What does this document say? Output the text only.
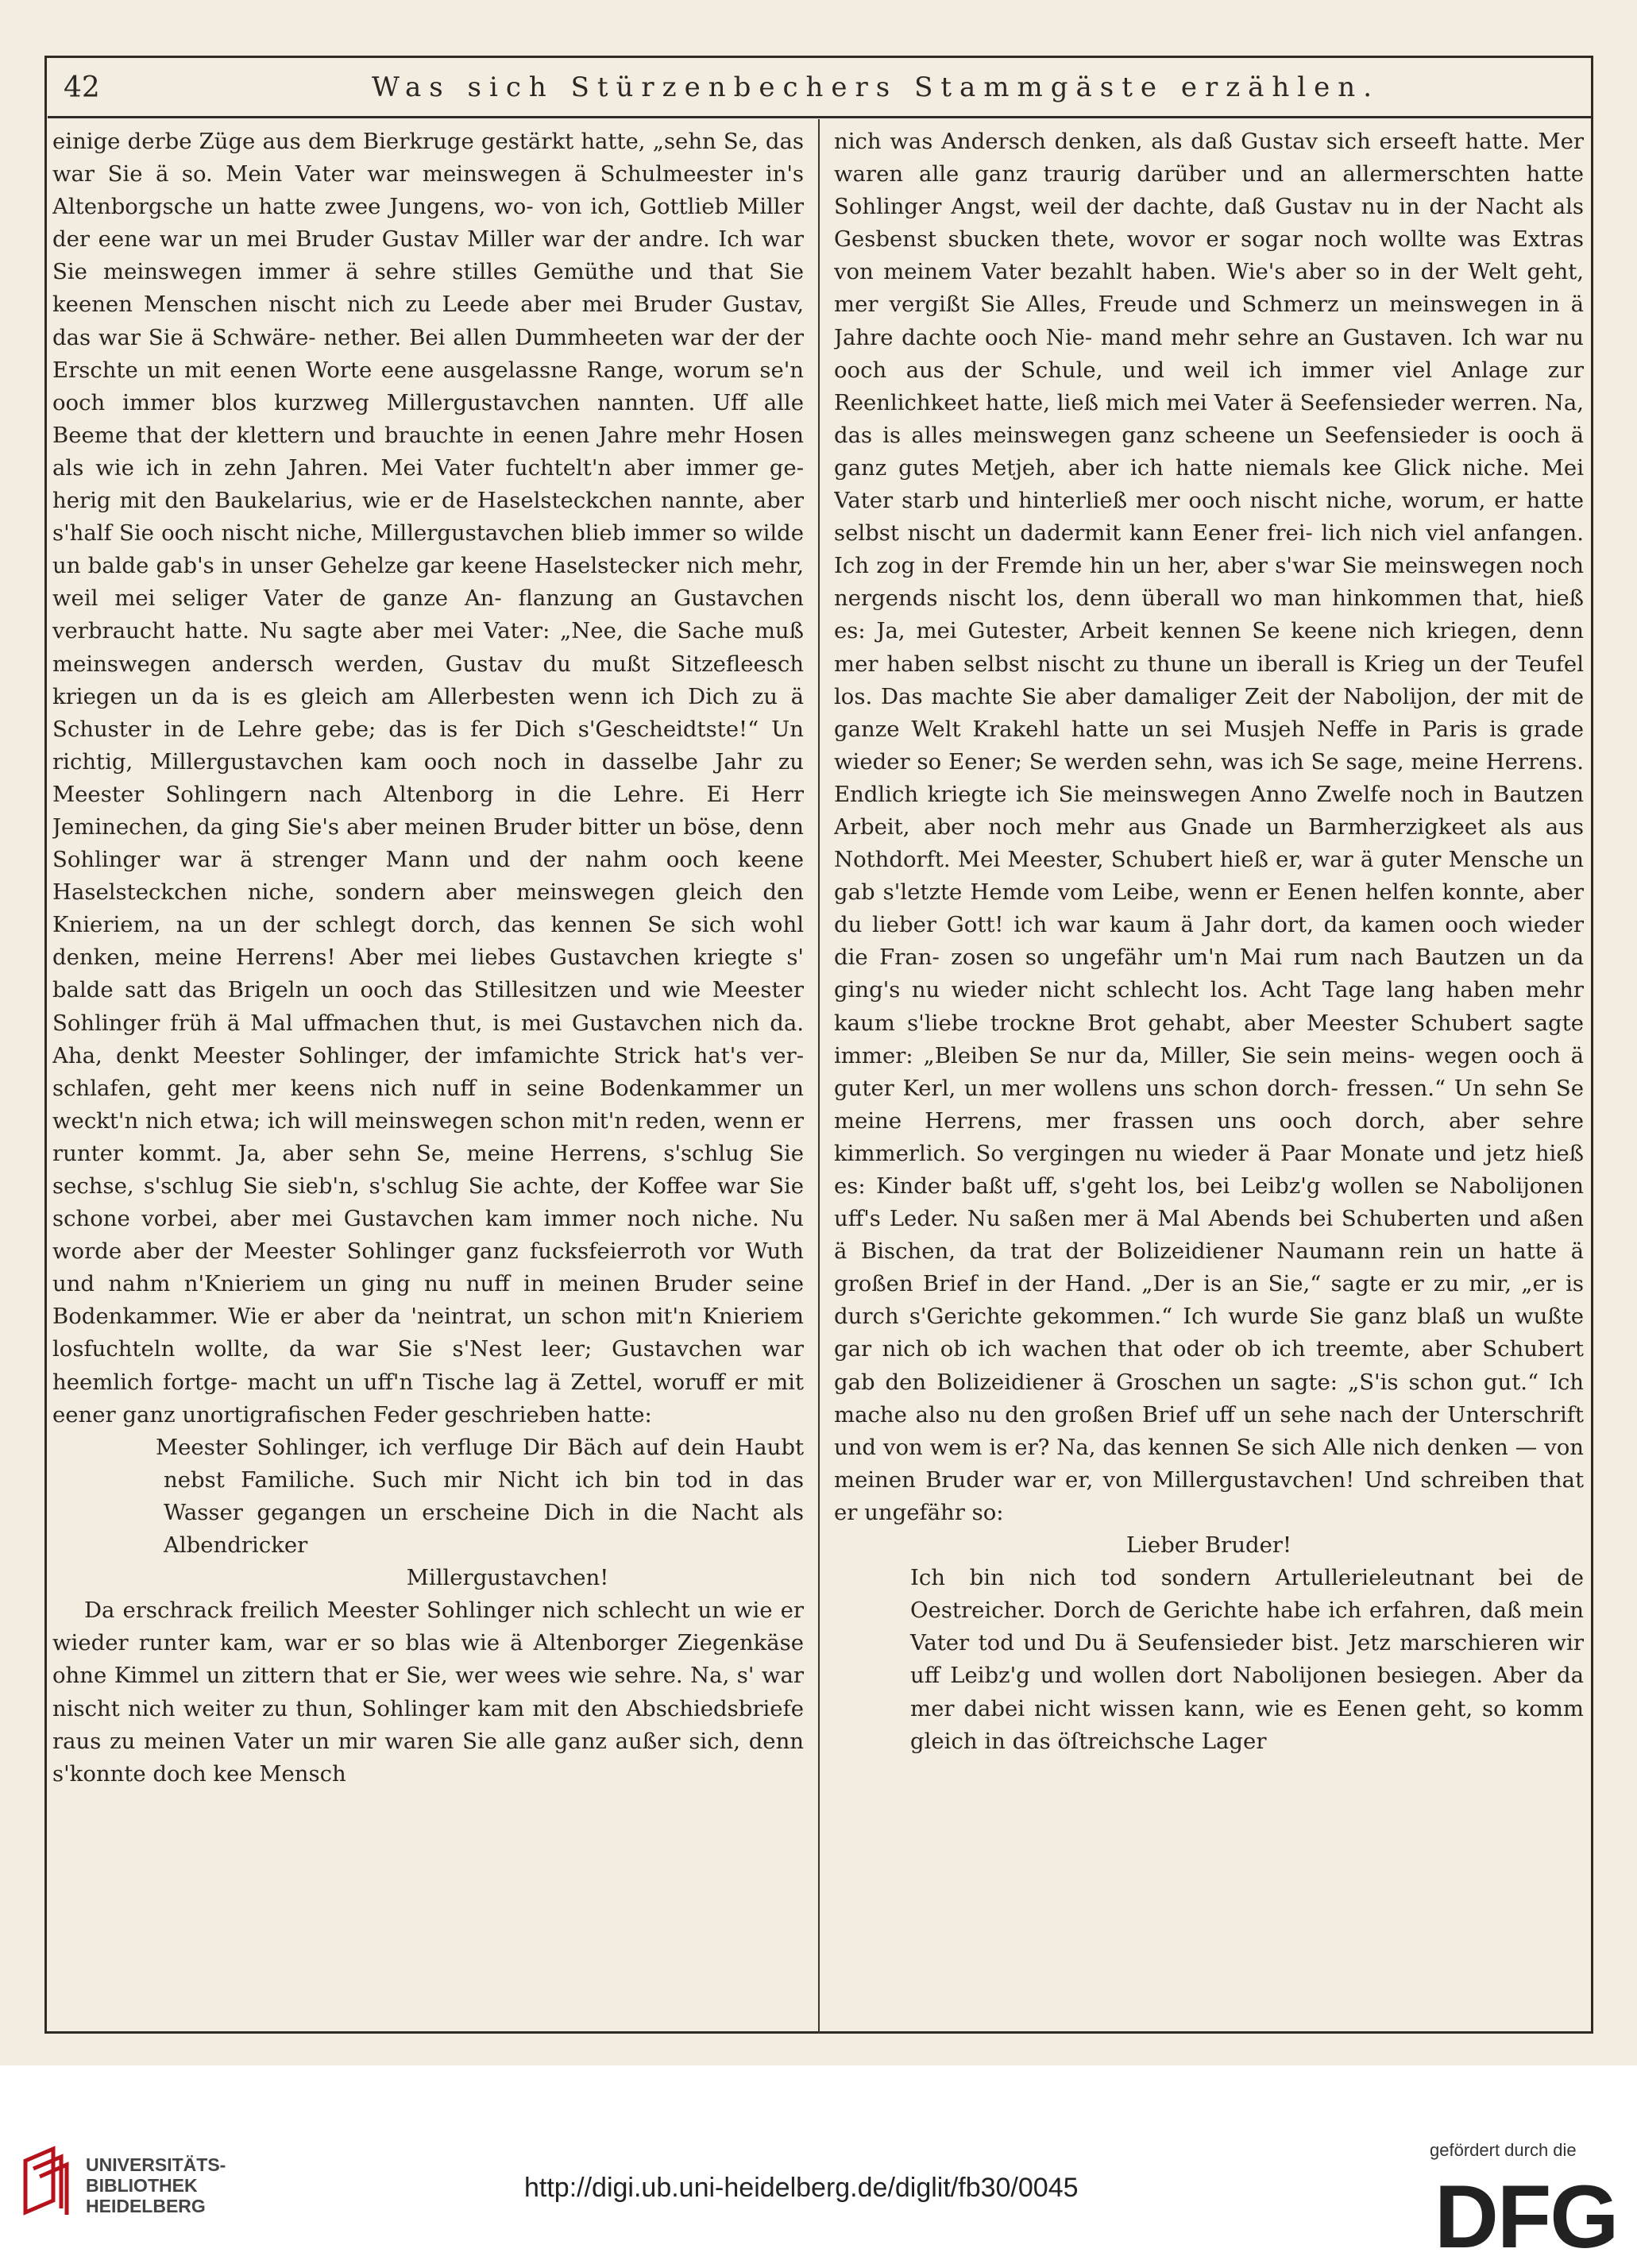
42	Was sich Stürzenbechers Stammgäste erzählen.

einige derbe Züge aus dem Bierkruge gestärkt hatte, „sehn Se, das war Sie ä so. Mein Vater war meinswegen ä Schulmeester in's Altenborgsche un hatte zwee Jungens, wo- von ich, Gottlieb Miller der eene war un mei Bruder Gustav Miller war der andre. Ich war Sie meinswegen immer ä sehre stilles Gemüthe und that Sie keenen Menschen nischt nich zu Leede aber mei Bruder Gustav, das war Sie ä Schwäre- nether. Bei allen Dummheeten war der der Erschte un mit eenen Worte eene ausgelassne Range, worum se'n ooch immer blos kurzweg Millergustavchen nannten. Uff alle Beeme that der klettern und brauchte in eenen Jahre mehr Hosen als wie ich in zehn Jahren. Mei Vater fuchtelt'n aber immer ge- herig mit den Baukelarius, wie er de Haselsteckchen nannte, aber s'half Sie ooch nischt niche, Millergustavchen blieb immer so wilde un balde gab's in unser Gehelze gar keene Haselstecker nich mehr, weil mei seliger Vater de ganze An- flanzung an Gustavchen verbraucht hatte. Nu sagte aber mei Vater: „Nee, die Sache muß meinswegen andersch werden, Gustav du mußt Sitzefleesch kriegen un da is es gleich am Allerbesten wenn ich Dich zu ä Schuster in de Lehre gebe; das is fer Dich s'Gescheidtste!“ Un richtig, Millergustavchen kam ooch noch in dasselbe Jahr zu Meester Sohlingern nach Altenborg in die Lehre. Ei Herr Jeminechen, da ging Sie's aber meinen Bruder bitter un böse, denn Sohlinger war ä strenger Mann und der nahm ooch keene Haselsteckchen niche, sondern aber meinswegen gleich den Knieriem, na un der schlegt dorch, das kennen Se sich wohl denken, meine Herrens! Aber mei liebes Gustavchen kriegte s' balde satt das Brigeln un ooch das Stillesitzen und wie Meester Sohlinger früh ä Mal uffmachen thut, is mei Gustavchen nich da. Aha, denkt Meester Sohlinger, der imfamichte Strick hat's ver- schlafen, geht mer keens nich nuff in seine Bodenkammer un weckt'n nich etwa; ich will meinswegen schon mit'n reden, wenn er runter kommt. Ja, aber sehn Se, meine Herrens, s'schlug Sie sechse, s'schlug Sie sieb'n, s'schlug Sie achte, der Koffee war Sie schone vorbei, aber mei Gustavchen kam immer noch niche. Nu worde aber der Meester Sohlinger ganz fucksfeierroth vor Wuth und nahm n'Knieriem un ging nu nuff in meinen Bruder seine Bodenkammer. Wie er aber da 'neintrat, un schon mit'n Knieriem losfuchteln wollte, da war Sie s'Nest leer; Gustavchen war heemlich fortge- macht un uff'n Tische lag ä Zettel, woruff er mit eener ganz unortigrafischen Feder geschrieben hatte:

Meester Sohlinger, ich verfluge Dir Bäch auf dein Haubt nebst Familiche. Such mir Nicht ich bin tod in das Wasser gegangen un erscheine Dich in die Nacht als Albendricker

Millergustavchen!

Da erschrack freilich Meester Sohlinger nich schlecht un wie er wieder runter kam, war er so blas wie ä Altenborger Ziegenkäse ohne Kimmel un zittern that er Sie, wer wees wie sehre. Na, s' war nischt nich weiter zu thun, Sohlinger kam mit den Abschiedsbriefe raus zu meinen Vater un mir waren Sie alle ganz außer sich, denn s'konnte doch kee Mensch

nich was Andersch denken, als daß Gustav sich erseeft hatte. Mer waren alle ganz traurig darüber und an allermerschten hatte Sohlinger Angst, weil der dachte, daß Gustav nu in der Nacht als Gesbenst sbucken thete, wovor er sogar noch wollte was Extras von meinem Vater bezahlt haben. Wie's aber so in der Welt geht, mer vergißt Sie Alles, Freude und Schmerz un meinswegen in ä Jahre dachte ooch Nie- mand mehr sehre an Gustaven. Ich war nu ooch aus der Schule, und weil ich immer viel Anlage zur Reenlichkeet hatte, ließ mich mei Vater ä Seefensieder werren. Na, das is alles meinswegen ganz scheene un Seefensieder is ooch ä ganz gutes Metjeh, aber ich hatte niemals kee Glick niche. Mei Vater starb und hinterließ mer ooch nischt niche, worum, er hatte selbst nischt un dadermit kann Eener frei- lich nich viel anfangen. Ich zog in der Fremde hin un her, aber s'war Sie meinswegen noch nergends nischt los, denn überall wo man hinkommen that, hieß es: Ja, mei Gutester, Arbeit kennen Se keene nich kriegen, denn mer haben selbst nischt zu thune un iberall is Krieg un der Teufel los. Das machte Sie aber damaliger Zeit der Nabolijon, der mit de ganze Welt Krakehl hatte un sei Musjeh Neffe in Paris is grade wieder so Eener; Se werden sehn, was ich Se sage, meine Herrens. Endlich kriegte ich Sie meinswegen Anno Zwelfe noch in Bautzen Arbeit, aber noch mehr aus Gnade un Barmherzigkeet als aus Nothdorft. Mei Meester, Schubert hieß er, war ä guter Mensche un gab s'letzte Hemde vom Leibe, wenn er Eenen helfen konnte, aber du lieber Gott! ich war kaum ä Jahr dort, da kamen ooch wieder die Fran- zosen so ungefähr um'n Mai rum nach Bautzen un da ging's nu wieder nicht schlecht los. Acht Tage lang haben mehr kaum s'liebe trockne Brot gehabt, aber Meester Schubert sagte immer: „Bleiben Se nur da, Miller, Sie sein meins- wegen ooch ä guter Kerl, un mer wollens uns schon dorch- fressen.“ Un sehn Se meine Herrens, mer frassen uns ooch dorch, aber sehre kimmerlich. So vergingen nu wieder ä Paar Monate und jetz hieß es: Kinder baßt uff, s'geht los, bei Leibz'g wollen se Nabolijonen uff's Leder. Nu saßen mer ä Mal Abends bei Schuberten und aßen ä Bischen, da trat der Bolizeidiener Naumann rein un hatte ä großen Brief in der Hand. „Der is an Sie,“ sagte er zu mir, „er is durch s'Gerichte gekommen.“ Ich wurde Sie ganz blaß un wußte gar nich ob ich wachen that oder ob ich treemte, aber Schubert gab den Bolizeidiener ä Groschen un sagte: „S'is schon gut.“ Ich mache also nu den großen Brief uff un sehe nach der Unterschrift und von wem is er? Na, das kennen Se sich Alle nich denken — von meinen Bruder war er, von Millergustavchen! Und schreiben that er ungefähr so:

Lieber Bruder!

Ich bin nich tod sondern Artullerieleutnant bei de Oestreicher. Dorch de Gerichte habe ich erfahren, daß mein Vater tod und Du ä Seufensieder bist. Jetz marschieren wir uff Leibz'g und wollen dort Nabolijonen besiegen. Aber da mer dabei nicht wissen kann, wie es Eenen geht, so komm gleich in das öſtreichsche Lager

UNIVERSITÄTS-
BIBLIOTHEK
HEIDELBERG
http://digi.ub.uni-heidelberg.de/diglit/fb30/0045
gefördert durch die
DFG
